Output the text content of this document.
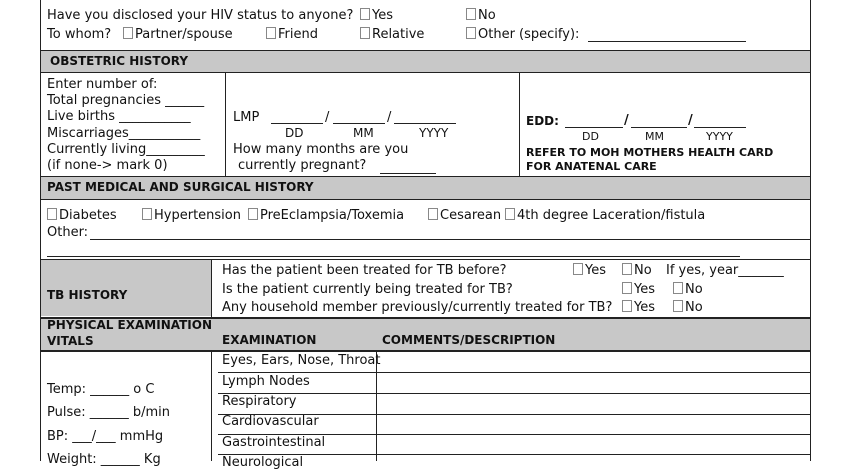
Have you disclosed your HIV status to anyone?	Yes	No
To whom?	Partner/spouse	Friend	Relative	Other (specify):
OBSTETRIC HISTORY
Enter number of:
Total pregnancies ______
Live births ___________
Miscarriages___________
Currently living_________
(if none-> mark 0)
LMP	/	/
DD	MM	YYYY
How many months are you
currently pregnant?
EDD:	/	/
DD	MM	YYYY
REFER TO MOH MOTHERS HEALTH CARD
FOR ANATENAL CARE
PAST MEDICAL AND SURGICAL HISTORY
Diabetes	Hypertension	PreEclampsia/Toxemia	Cesarean	4th degree Laceration/fistula
Other:
TB HISTORY
Has the patient been treated for TB before?	Yes	No If yes, year_______
Is the patient currently being treated for TB?	Yes	No
Any household member previously/currently treated for TB?	Yes	No
PHYSICAL EXAMINATION
VITALS	EXAMINATION	COMMENTS/DESCRIPTION
Temp: ______ o C
Pulse: ______ b/min
BP: ___/___ mmHg
Weight: ______ Kg
Eyes, Ears, Nose, Throat
Lymph Nodes
Respiratory
Cardiovascular
Gastrointestinal
Neurological
